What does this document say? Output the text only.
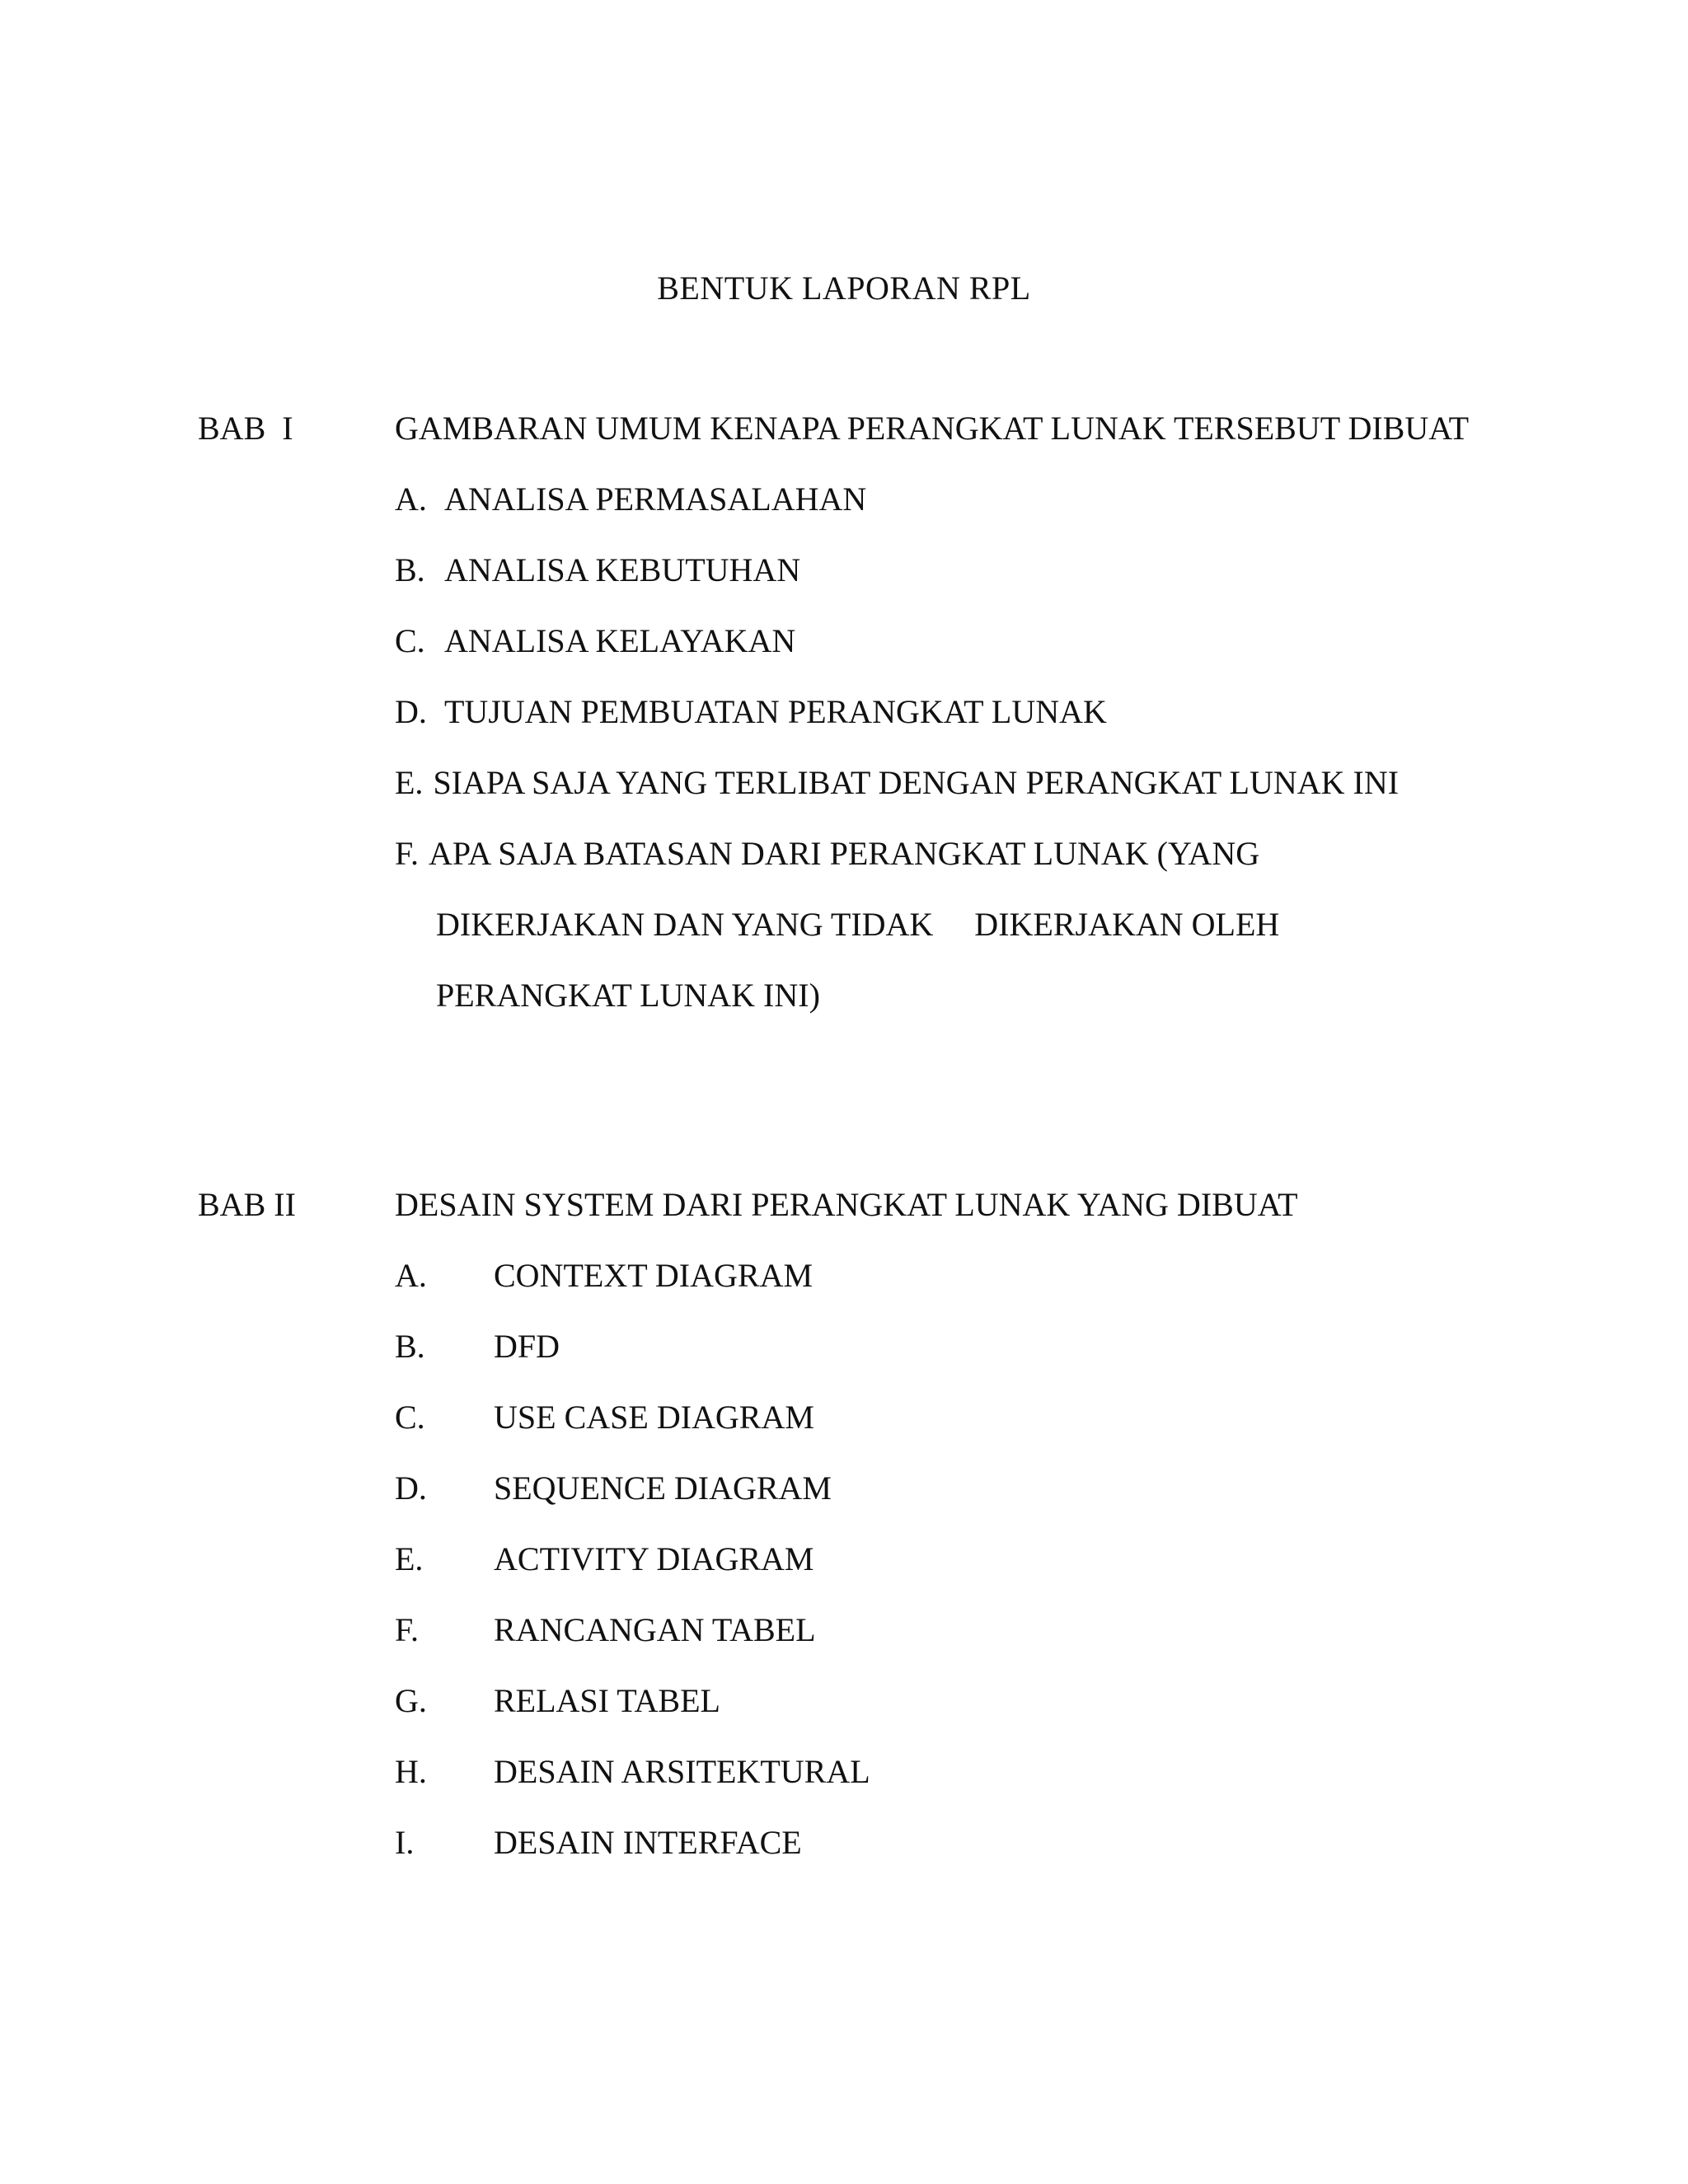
BENTUK LAPORAN RPL
BAB  I	GAMBARAN UMUM KENAPA PERANGKAT LUNAK TERSEBUT DIBUAT
A. ANALISA PERMASALAHAN
B. ANALISA KEBUTUHAN
C. ANALISA KELAYAKAN
D. TUJUAN PEMBUATAN PERANGKAT LUNAK
E. SIAPA SAJA YANG TERLIBAT DENGAN PERANGKAT LUNAK INI
F. APA SAJA BATASAN DARI PERANGKAT LUNAK (YANG
DIKERJAKAN DAN YANG TIDAK     DIKERJAKAN OLEH
PERANGKAT LUNAK INI)
BAB II	DESAIN SYSTEM DARI PERANGKAT LUNAK YANG DIBUAT
A. CONTEXT DIAGRAM
B. DFD
C. USE CASE DIAGRAM
D. SEQUENCE DIAGRAM
E. ACTIVITY DIAGRAM
F. RANCANGAN TABEL
G. RELASI TABEL
H. DESAIN ARSITEKTURAL
I. DESAIN INTERFACE
